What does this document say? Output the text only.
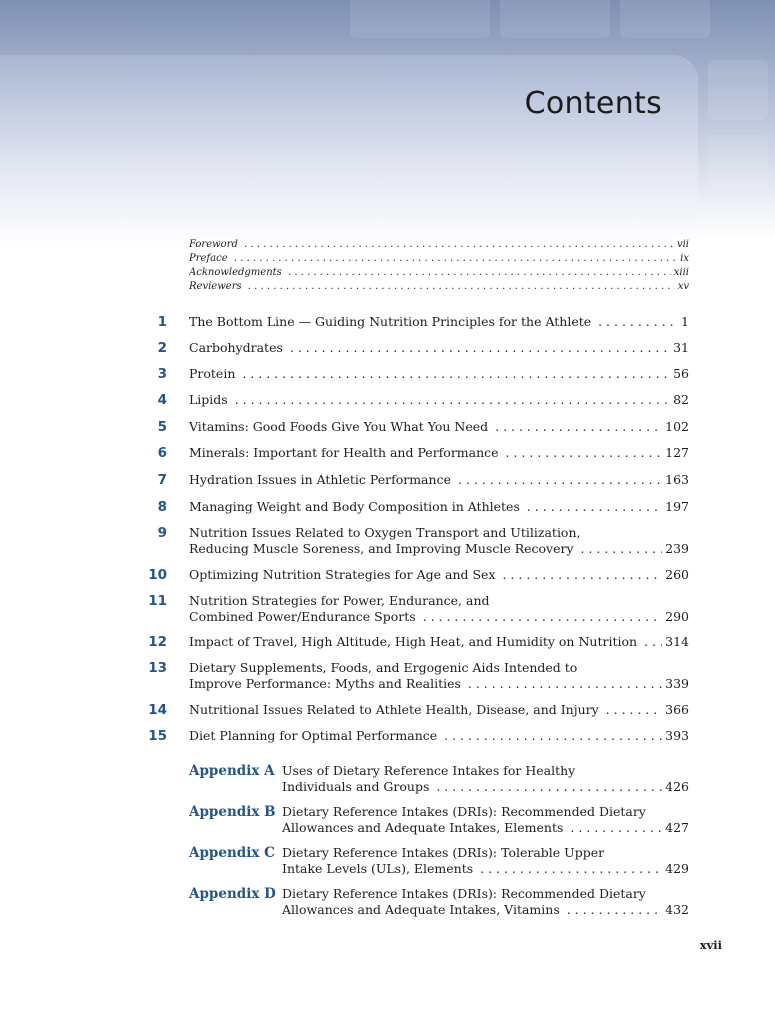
Contents
Foreword	vii
. . .
Preface	ix
. . .
Acknowledgments	xiii
. . .
Reviewers	xv
. . .
1 The Bottom Line — Guiding Nutrition Principles for the Athlete	1
. . .
2 Carbohydrates	31
. . .
3 Protein	56
. . .
4 Lipids	82
. . .
5 Vitamins: Good Foods Give You What You Need	102
. . .
6 Minerals: Important for Health and Performance	127
. . .
7 Hydration Issues in Athletic Performance	163
. . .
8 Managing Weight and Body Composition in Athletes	197
. . .
9 Nutrition Issues Related to Oxygen Transport and Utilization,
Reducing Muscle Soreness, and Improving Muscle Recovery	239
. . .
10 Optimizing Nutrition Strategies for Age and Sex	260
. . .
11 Nutrition Strategies for Power, Endurance, and
Combined Power/Endurance Sports	290
. . .
12 Impact of Travel, High Altitude, High Heat, and Humidity on Nutrition 314
. . .
13 Dietary Supplements, Foods, and Ergogenic Aids Intended to
Improve Performance: Myths and Realities	339
. . .
14 Nutritional Issues Related to Athlete Health, Disease, and Injury	366
. . .
15 Diet Planning for Optimal Performance	393
. . .
Appendix A Uses of Dietary Reference Intakes for Healthy
Individuals and Groups	426
. . .
Appendix B Dietary Reference Intakes (DRIs): Recommended Dietary
Allowances and Adequate Intakes, Elements	427
. . .
Appendix C Dietary Reference Intakes (DRIs): Tolerable Upper
Intake Levels (ULs), Elements	429
. . .
Appendix D Dietary Reference Intakes (DRIs): Recommended Dietary
Allowances and Adequate Intakes, Vitamins	432
. . .
xvii
